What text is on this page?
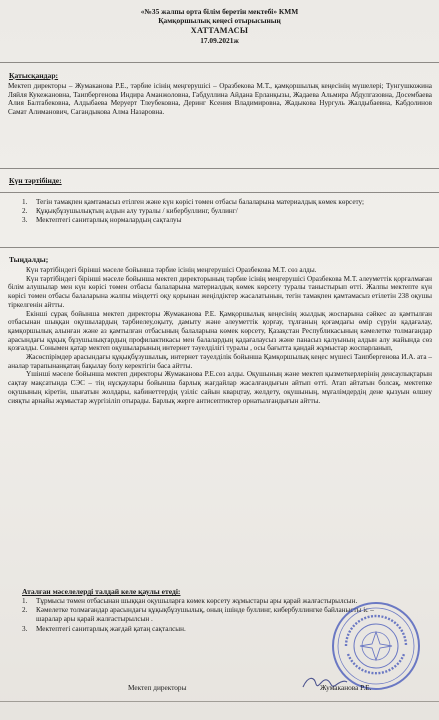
«№35 жалпы орта білім беретін мектебі» КММ
Қамқоршылық кеңесі отырысының
ХАТТАМАСЫ
17.09.2021ж
Қатысқандар:
Мектеп директоры – Жумаканова Р.Е., тәрбие ісінің меңгерушісі – Оразбекова М.Т., қамқоршылық кеңесінің мүшелері; Тунгушкожина Ляйля Кукежановна, Таипбергенова Индира Аманжоловна, Габдуллина Айдана Ерланқызы, Жадаева Альмира Абдулгазовна, Досембаева Алия Балтабековна, Алдыбаева Меруерт Тлеубековна, Деринг Ксения Владимировна, Жадыкова Нургуль Жалдыбаевна, Кабдолинов Самат Алиманович, Сагандыкова Алма Назаровна.
Күн тәртібінде:
1. Тегін тамақпен қамтамасыз етілген және күн көрісі төмен отбасы балаларына материалдық көмек көрсету;
2. Құқықбұзушылықтың алдын алу туралы / кибербуллинг, буллинг/
3. Мектептегі санитарлық нормалардың сақталуы
Тыңдалды;

Күн тәртібіндегі бірінші мәселе бойынша тәрбие ісінің меңгерушісі Оразбекова М.Т. сөз алды.

Күн тәртібіндегі бірінші мәселе бойынша мектеп директорының тәрбие ісінің меңгерушісі Оразбекова М.Т. әлеуметтік қорғалмаған білім алушылар мен күн көрісі төмен отбасы балаларына материалдық көмек көрсету туралы таныстырып өтті. Жалпы мектепте күн көрісі төмен отбасы балаларына жалпы міндетті оқу қорынан жеңілдіктер жасалатынын, тегін тамақпен қамтамасыз етілетін 238 оқушы тіркелгенін айтты.

Екінші сұрақ бойынша мектеп директоры Жумаканова Р.Е. Қамқоршылық кеңесінің жылдық жоспарына сәйкес аз қамтылған отбасынан шыққан оқушылардың тәрбиелеу,оқыту, дамыту және әлеуметтік қорғау, тұлғаның қоғамдағы өмір сүруін қадағалау, қамқоршылық алынған және аз қамтылған отбасының балаларына көмек көрсету, Қазақстан Республикасының кәмелетке толмағандар арасындағы құқық бұзушылықтардың профилактикасы мен балалардың қадағалаусыз және панасыз қалуының алдын алу жайында сөз қозғалды. Сонымен қатар мектеп оқушыларының интернет тәуелділігі туралы , осы бағытта қандай жұмыстар жоспарланып,

Жасөспірімдер арасындағы құқықбұзушылық, интернет тәуелділік бойынша Қамқоршылық кеңес мүшесі Таипбергенова И.А. ата –аналар тарапынанқатаң бақылау болу керектігін баса айтты.

Үшінші мәселе бойынша мектеп директоры Жумаканова Р.Е.сөз алды. Оқушының және мектеп қызметкерлерінің денсаулықтарын сақтау мақсатында СЭС – тің нұсқаулары бойынша барлық жағдайлар жасалғандығын айтып өтті. Атап айтатын болсақ, мектепке оқушының кіретін, шығатын жолдары, кабинеттердің үзіліс сайын кварцтау, желдету, оқушының, мұғалімдердің дене қызуын өлшеу сияқты арнайы жұмыстар жүргізіліп отырады. Барлық жерге антисептиктер орнатылғандығын айтты.

Аталған мәселелерді талдай келе қаулы етеді:
1. Тұрмысы төмен отбасынан шыққан оқушыларға көмек көрсету жұмыстары ары қарай жалғастырылсын.
2. Кәмелетке толмағандар арасындағы құқықбұзушылық, оның ішінде буллинг, кибербуллингке байланысты іс –шаралар ары қарай жалғастырылсын .
3. Мектептегі санитарлық жағдай қатаң сақталсын.
Мектеп директоры	Жумаканова Р.Е.
